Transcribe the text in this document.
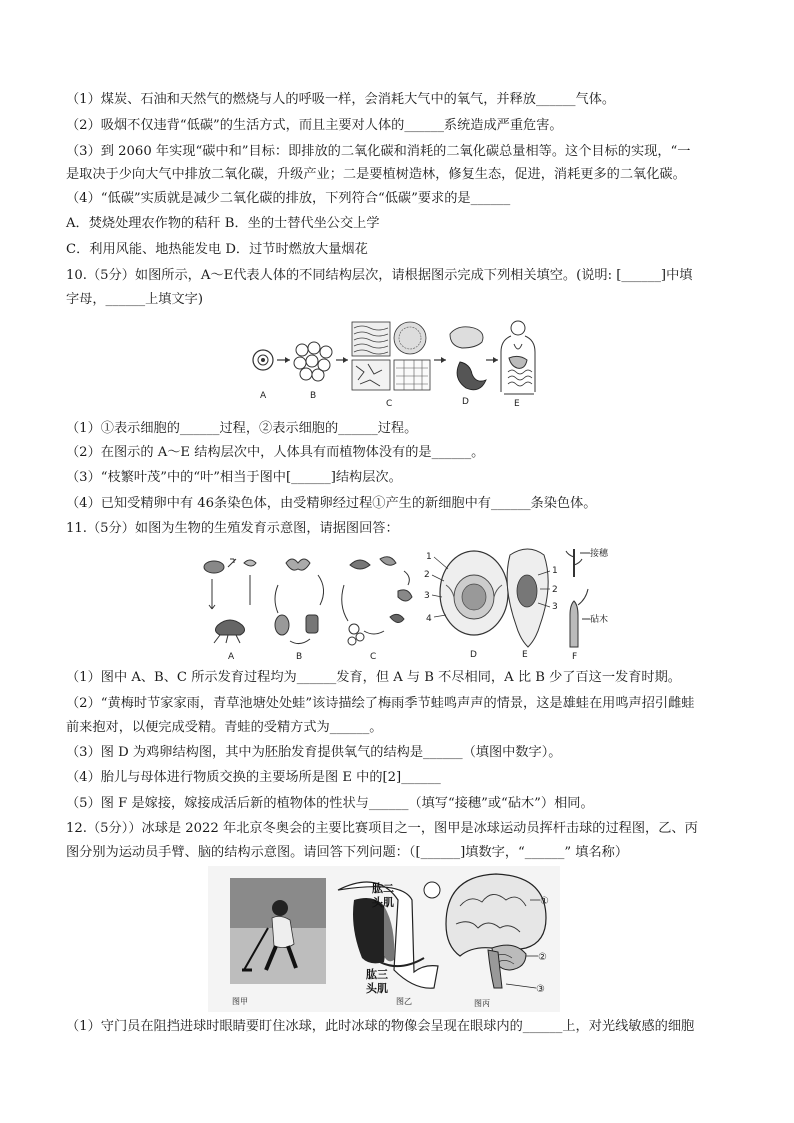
（1）煤炭、石油和天然气的燃烧与人的呼吸一样，会消耗大气中的氧气，并释放______气体。
（2）吸烟不仅违背“低碳”的生活方式，而且主要对人体的______系统造成严重危害。
（3）到 2060 年实现“碳中和”目标：即排放的二氧化碳和消耗的二氧化碳总量相等。这个目标的实现，“一
是取决于少向大气中排放二氧化碳，升级产业；二是要植树造林，修复生态，促进，消耗更多的二氧化碳。
（4）“低碳”实质就是减少二氧化碳的排放，下列符合“低碳”要求的是______
A．焚烧处理农作物的秸秆 B．坐的士替代坐公交上学
C．利用风能、地热能发电 D．过节时燃放大量烟花
10.（5分）如图所示，A～E代表人体的不同结构层次，请根据图示完成下列相关填空。(说明: [______]中填
字母，______上填文字)
A	B
C	D	E
（1）①表示细胞的______过程，②表示细胞的______过程。
（2）在图示的 A～E 结构层次中，人体具有而植物体没有的是______。
（3）“枝繁叶茂”中的“叶”相当于图中[______]结构层次。
（4）已知受精卵中有 46条染色体，由受精卵经过程①产生的新细胞中有______条染色体。
11.（5分）如图为生物的生殖发育示意图，请据图回答：
1
2
3
4
1
2
3
接穗
砧木
A	B	C	D	E	F
（1）图中 A、B、C 所示发育过程均为______发育，但 A 与 B 不尽相同，A 比 B 少了百这一发育时期。
（2）“黄梅时节家家雨，青草池塘处处蛙”该诗描绘了梅雨季节蛙鸣声声的情景，这是雄蛙在用鸣声招引雌蛙
前来抱对，以便完成受精。青蛙的受精方式为______。
（3）图 D 为鸡卵结构图，其中为胚胎发育提供氧气的结构是______（填图中数字）。
（4）胎儿与母体进行物质交换的主要场所是图 E 中的[2]______
（5）图 F 是嫁接，嫁接成活后新的植物体的性状与______（填写“接穗”或“砧木”）相同。
12.（5分））冰球是 2022 年北京冬奥会的主要比赛项目之一，图甲是冰球运动员挥杆击球的过程图，乙、丙
图分别为运动员手臂、脑的结构示意图。请回答下列问题：（[______]填数字，“______” 填名称）
图甲
肱二
头肌
肱三
头肌
图乙
①
②
③
图丙
（1）守门员在阻挡进球时眼睛要盯住冰球，此时冰球的物像会呈现在眼球内的______上，对光线敏感的细胞
